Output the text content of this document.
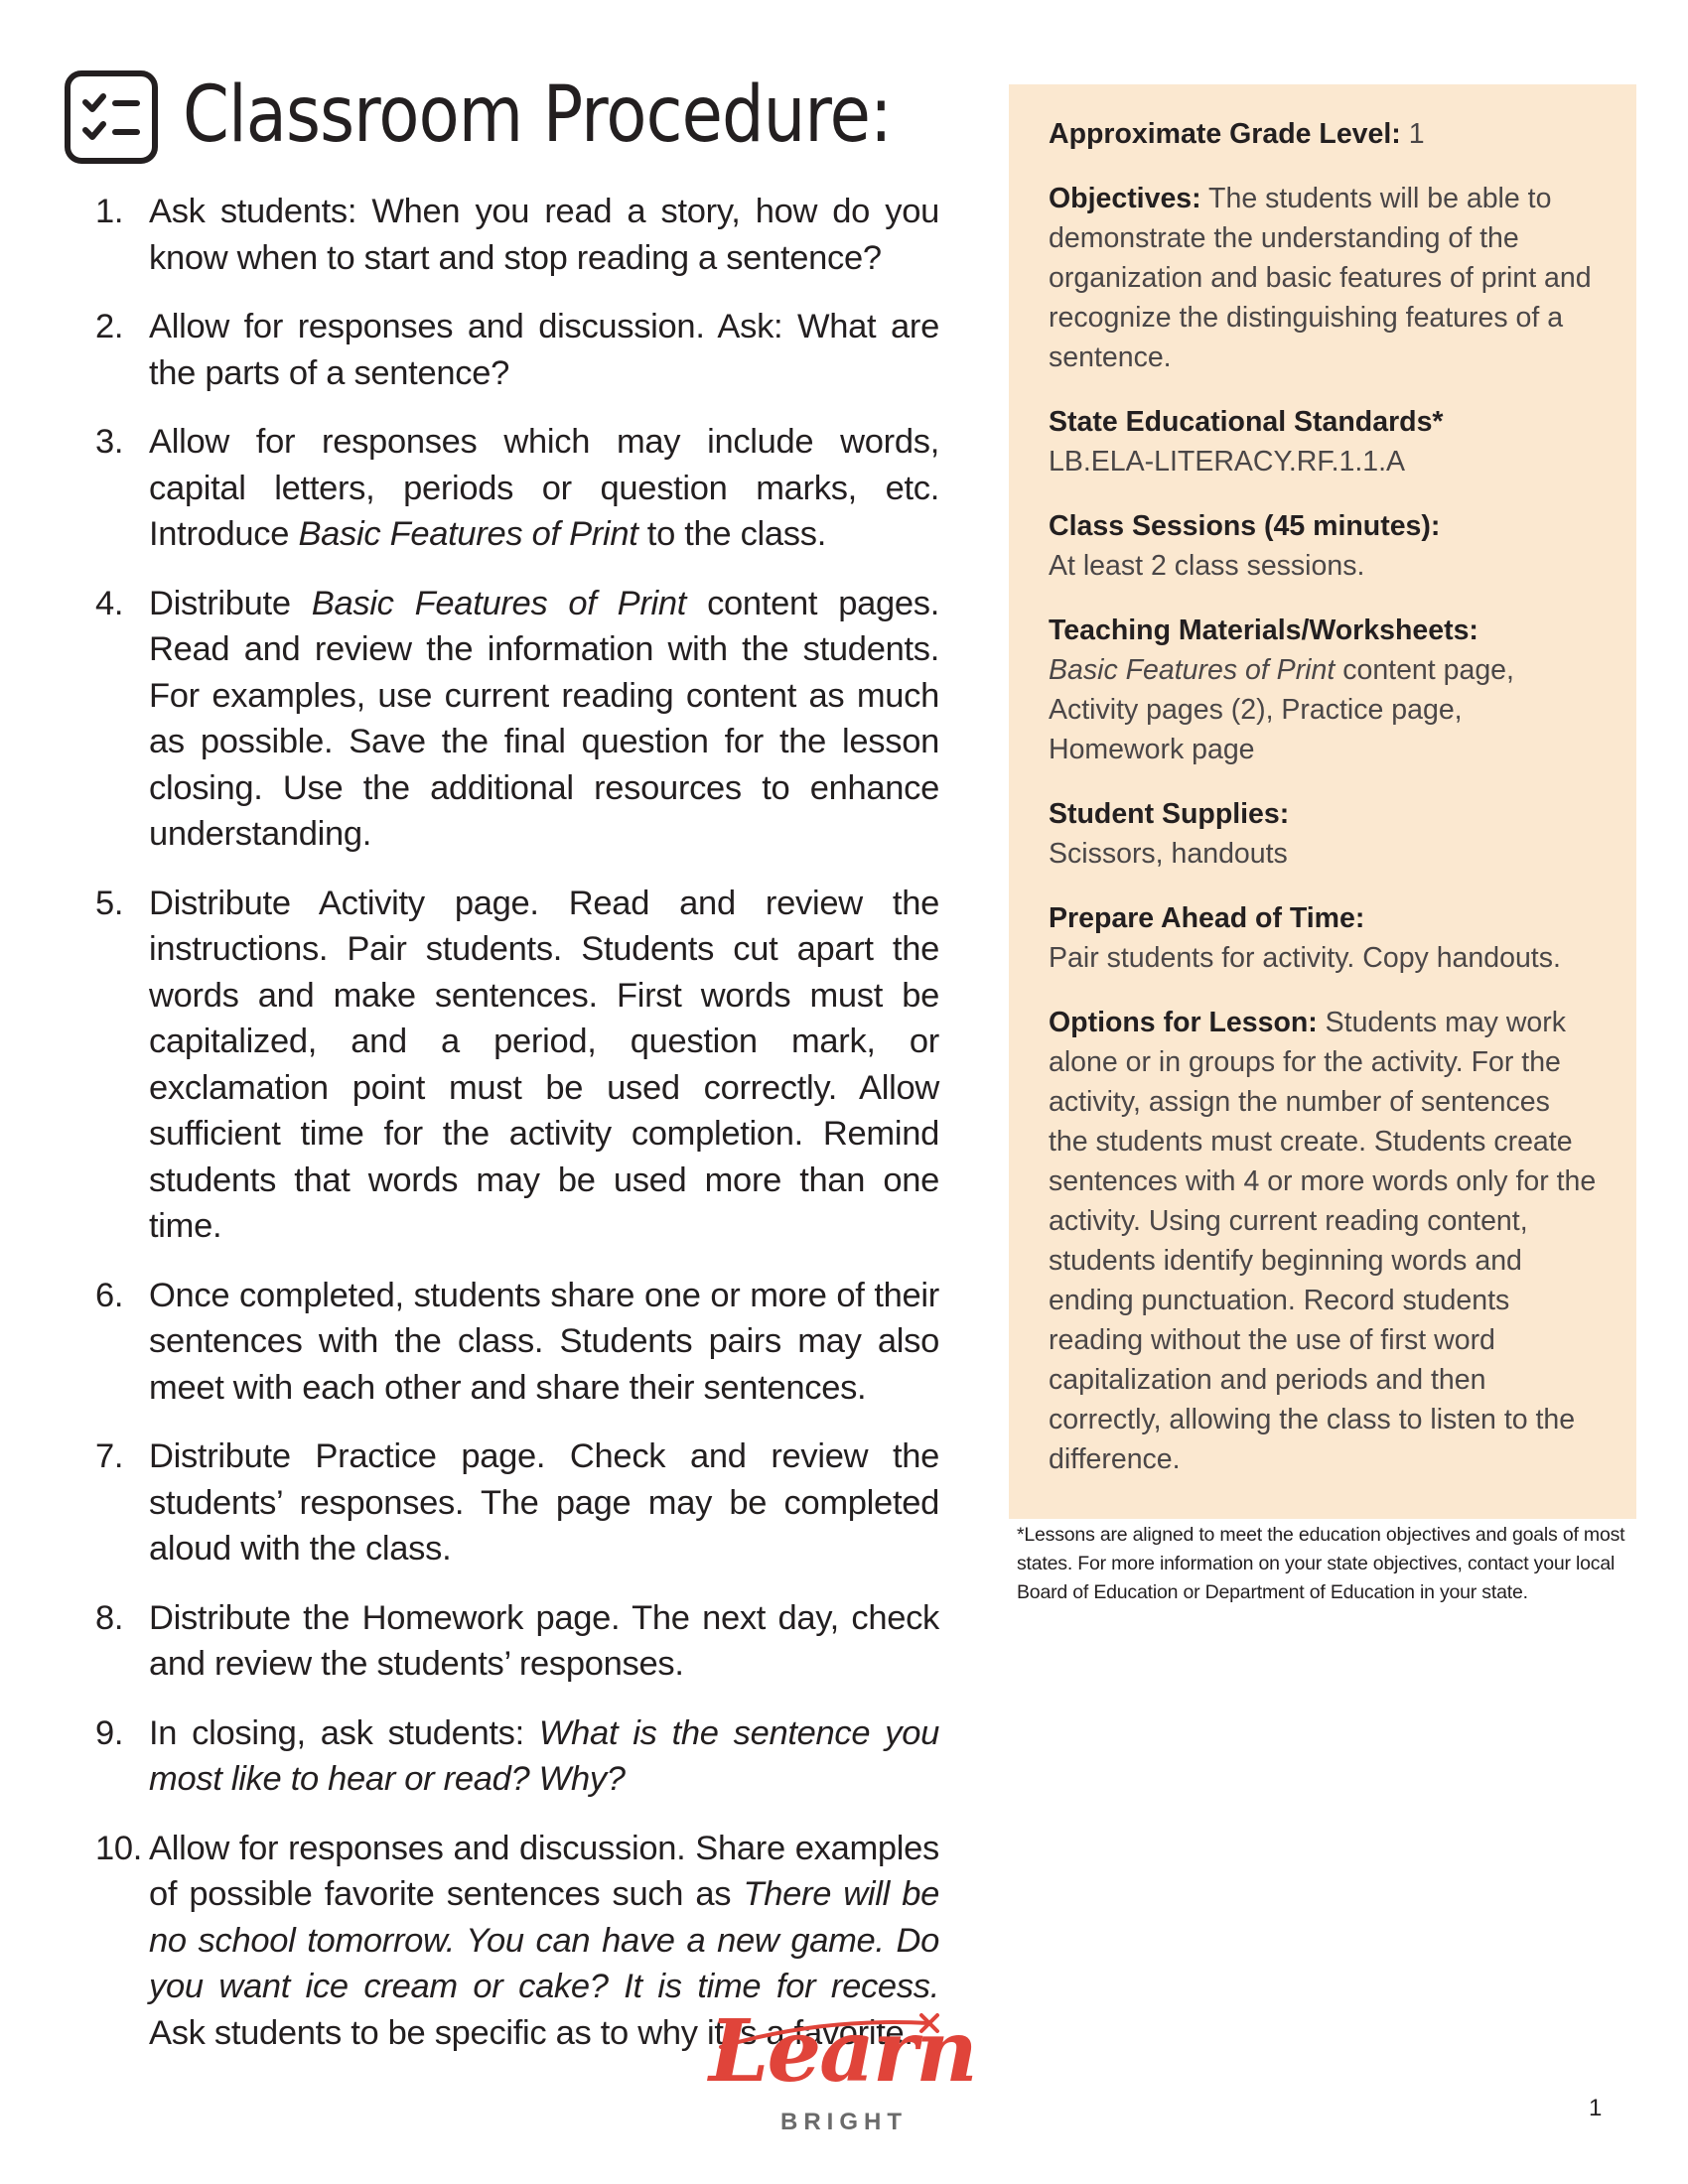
Classroom Procedure:
1. Ask students: When you read a story, how do you know when to start and stop reading a sentence?
2. Allow for responses and discussion. Ask: What are the parts of a sentence?
3. Allow for responses which may include words, capital letters, periods or question marks, etc. Introduce Basic Features of Print to the class.
4. Distribute Basic Features of Print content pages. Read and review the information with the students. For examples, use current reading content as much as possible. Save the final question for the lesson closing. Use the additional resources to enhance understanding.
5. Distribute Activity page. Read and review the instructions. Pair students. Students cut apart the words and make sentences. First words must be capitalized, and a period, question mark, or exclamation point must be used correctly. Allow sufficient time for the activity completion. Remind students that words may be used more than one time.
6. Once completed, students share one or more of their sentences with the class. Students pairs may also meet with each other and share their sentences.
7. Distribute Practice page. Check and review the students’ responses. The page may be completed aloud with the class.
8. Distribute the Homework page. The next day, check and review the students’ responses.
9. In closing, ask students: What is the sentence you most like to hear or read? Why?
10. Allow for responses and discussion. Share examples of possible favorite sentences such as There will be no school tomorrow. You can have a new game. Do you want ice cream or cake? It is time for recess. Ask students to be specific as to why it is a favorite.
Approximate Grade Level: 1
Objectives: The students will be able to demonstrate the understanding of the organization and basic features of print and recognize the distinguishing features of a sentence.
State Educational Standards*
LB.ELA-LITERACY.RF.1.1.A
Class Sessions (45 minutes):
At least 2 class sessions.
Teaching Materials/Worksheets:
Basic Features of Print content page, Activity pages (2), Practice page, Homework page
Student Supplies:
Scissors, handouts
Prepare Ahead of Time:
Pair students for activity. Copy handouts.
Options for Lesson: Students may work alone or in groups for the activity. For the activity, assign the number of sentences the students must create. Students create sentences with 4 or more words only for the activity. Using current reading content, students identify beginning words and ending punctuation. Record students reading without the use of first word capitalization and periods and then correctly, allowing the class to listen to the difference.
*Lessons are aligned to meet the education objectives and goals of most states. For more information on your state objectives, contact your local Board of Education or Department of Education in your state.
Learn
BRIGHT
1
